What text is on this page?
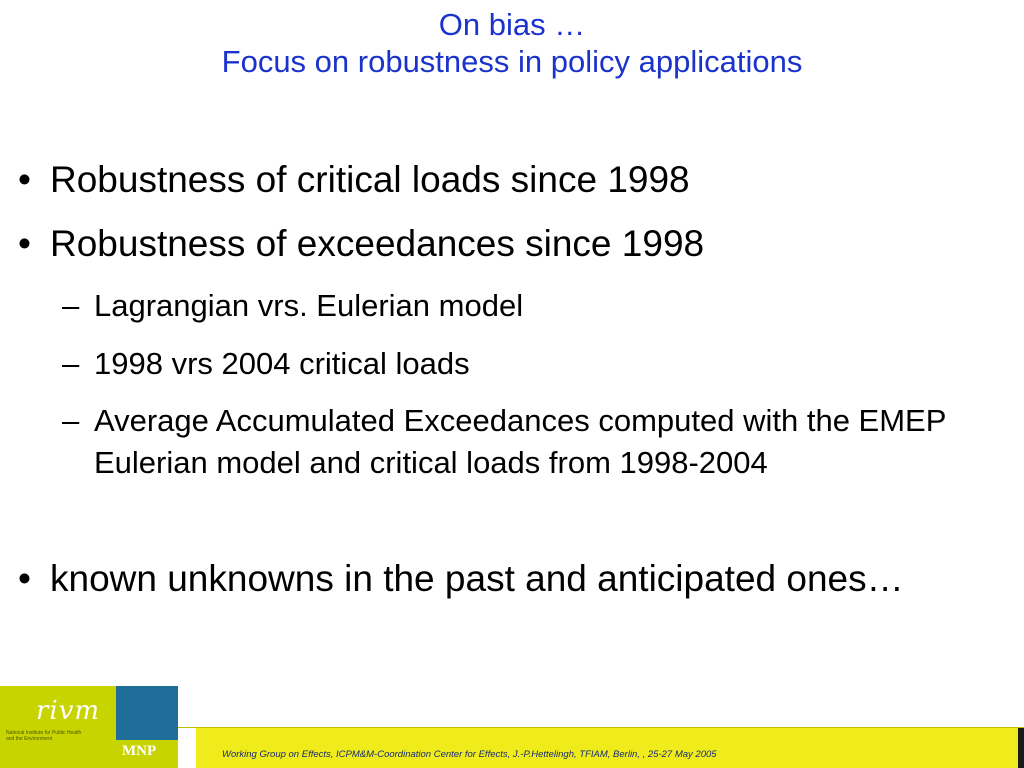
On bias …
Focus on robustness in policy applications
• Robustness of critical loads since 1998
• Robustness of exceedances since 1998
– Lagrangian vrs. Eulerian model
– 1998 vrs 2004 critical loads
– Average Accumulated Exceedances computed with the EMEP Eulerian model and critical loads from 1998-2004
• known unknowns in the past and anticipated ones…
rivm
National Institute for Public Health and the Environment
MNP	Working Group on Effects, ICPM&M-Coordination Center for Effects, J.-P.Hettelingh, TFIAM, Berlin, , 25-27 May 2005
